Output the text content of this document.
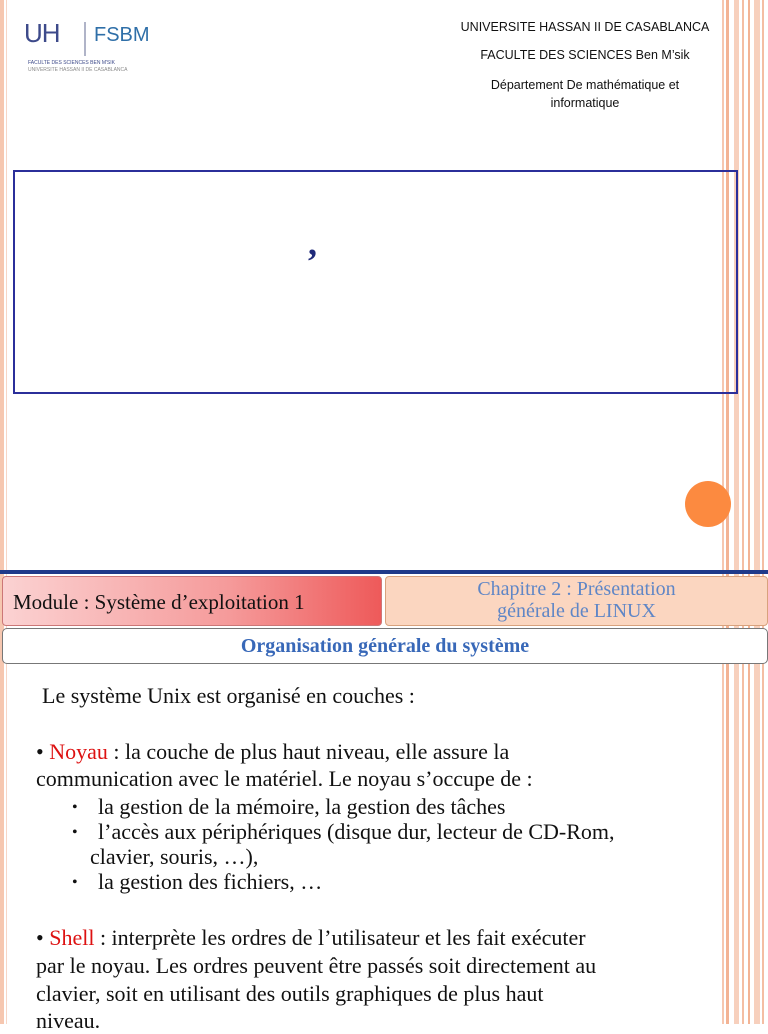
UH FSBM
FACULTE DES SCIENCES BEN M'SIK
UNIVERSITE HASSAN II DE CASABLANCA
UNIVERSITE HASSAN II DE CASABLANCA
FACULTE DES SCIENCES Ben M’sik
Département De mathématique et
informatique
,
Module : Système d’exploitation 1
Chapitre 2 : Présentation
générale de LINUX
Organisation générale du système
Le système Unix est organisé en couches :
• Noyau : la couche de plus haut niveau, elle assure la
communication avec le matériel. Le noyau s’occupe de :
• la gestion de la mémoire, la gestion des tâches
• l’accès aux périphériques (disque dur, lecteur de CD-Rom,
clavier, souris, …),
• la gestion des fichiers, …
• Shell : interprète les ordres de l’utilisateur et les fait exécuter
par le noyau. Les ordres peuvent être passés soit directement au
clavier, soit en utilisant des outils graphiques de plus haut
niveau.
